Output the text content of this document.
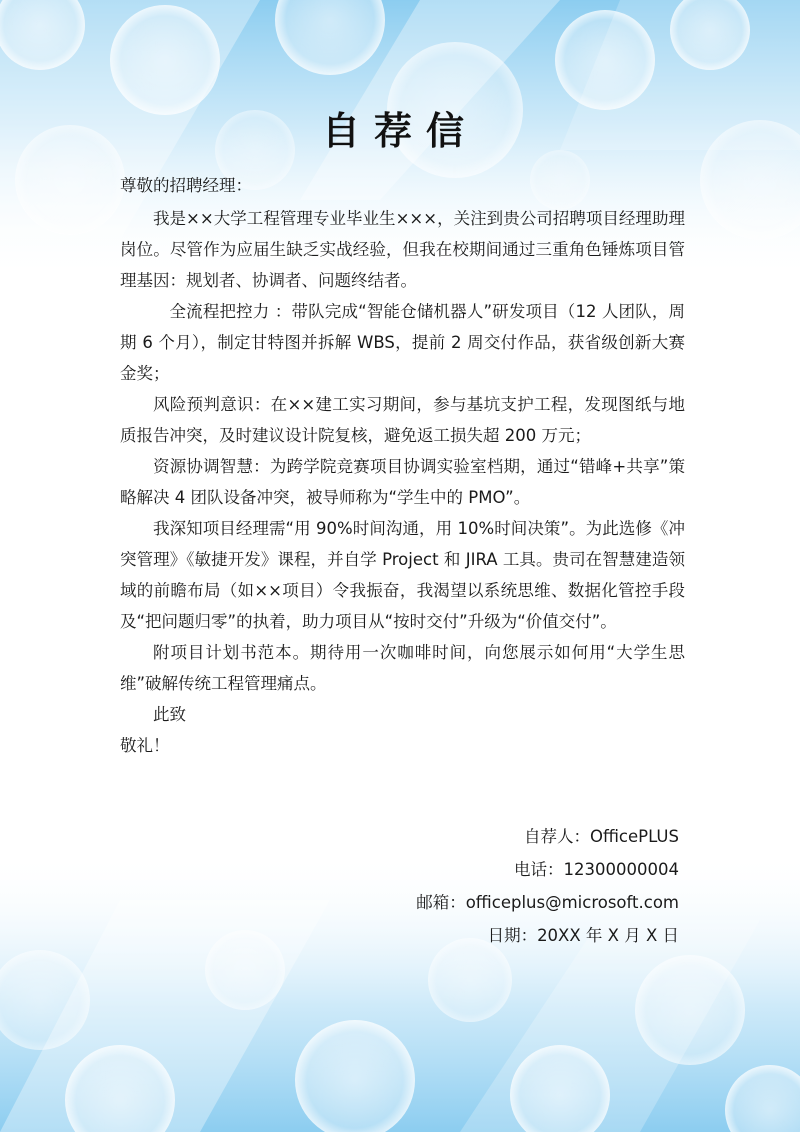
自荐信

尊敬的招聘经理：

我是××大学工程管理专业毕业生×××，关注到贵公司招聘项目经理助理岗位。尽管作为应届生缺乏实战经验，但我在校期间通过三重角色锤炼项目管理基因：规划者、协调者、问题终结者。

全流程把控力 ：带队完成“智能仓储机器人”研发项目（12 人团队，周期 6 个月），制定甘特图并拆解 WBS，提前 2 周交付作品，获省级创新大赛金奖；

风险预判意识：在××建工实习期间，参与基坑支护工程，发现图纸与地质报告冲突，及时建议设计院复核，避免返工损失超 200 万元；

资源协调智慧：为跨学院竞赛项目协调实验室档期，通过“错峰+共享”策略解决 4 团队设备冲突，被导师称为“学生中的 PMO”。

我深知项目经理需“用 90%时间沟通，用 10%时间决策”。为此选修《冲突管理》《敏捷开发》课程，并自学 Project 和 JIRA 工具。贵司在智慧建造领域的前瞻布局（如××项目）令我振奋，我渴望以系统思维、数据化管控手段及“把问题归零”的执着，助力项目从“按时交付”升级为“价值交付”。

附项目计划书范本。期待用一次咖啡时间，向您展示如何用“大学生思维”破解传统工程管理痛点。

此致

敬礼！

自荐人：OfficePLUS
电话：12300000004
邮箱：officeplus@microsoft.com
日期：20XX 年 X 月 X 日
